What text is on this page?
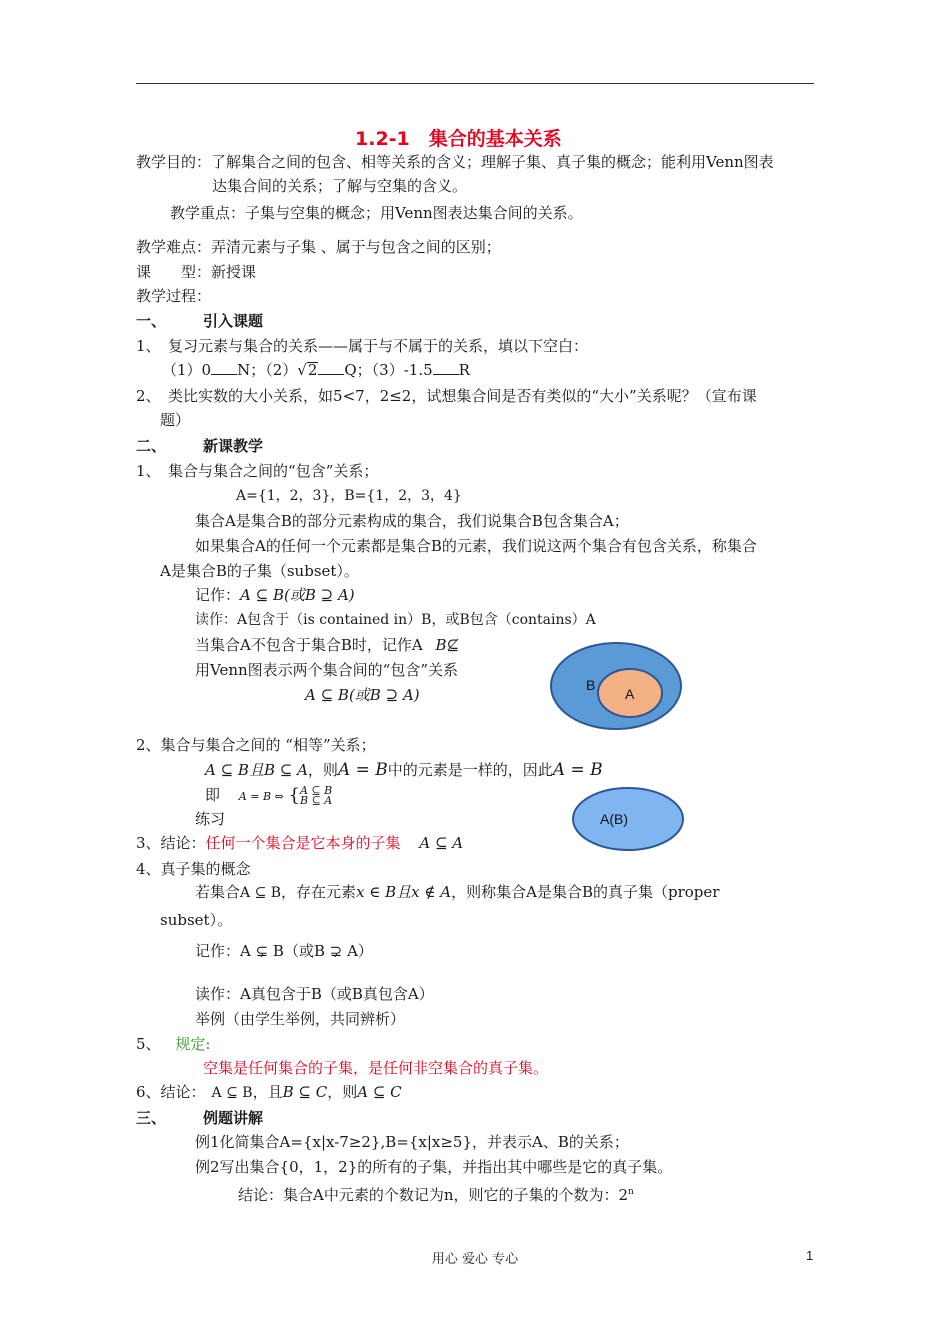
1.2-1　集合的基本关系
教学目的：了解集合之间的包含、相等关系的含义；理解子集、真子集的概念；能利用Venn图表
达集合间的关系；了解与空集的含义。
教学重点：子集与空集的概念；用Venn图表达集合间的关系。
教学难点：弄清元素与子集 、属于与包含之间的区别；
课　　型：新授课
教学过程：
一、 引入课题
1、　复习元素与集合的关系——属于与不属于的关系，填以下空白：
（1）0 N；（2）√2 Q；（3）-1.5 R
2、　类比实数的大小关系，如5<7，2≤2，试想集合间是否有类似的“大小”关系呢？（宣布课
题）
二、 新课教学
1、　集合与集合之间的“包含”关系；
A={1，2，3}，B={1，2，3，4}
集合A是集合B的部分元素构成的集合，我们说集合B包含集合A；
如果集合A的任何一个元素都是集合B的元素，我们说这两个集合有包含关系，称集合
A是集合B的子集（subset）。
记作：A ⊆ B(或B ⊇ A)
读作：A包含于（is contained in）B，或B包含（contains）A
当集合A不包含于集合B时，记作A B⊈
用Venn图表示两个集合间的“包含”关系
A ⊆ B(或B ⊇ A)
B
A
2、集合与集合之间的 “相等”关系；
A ⊆ B且B ⊆ A，则A = B中的元素是一样的，因此A = B
即 A = B ⇔ { A ⊆ B
B ⊆ A
练习	A(B)
3、结论：任何一个集合是它本身的子集 A ⊆ A
4、真子集的概念
若集合A ⊆ B，存在元素x ∈ B且x ∉ A，则称集合A是集合B的真子集（proper
subset）。
记作：A ⊊ B（或B ⊋ A）
读作：A真包含于B（或B真包含A）
举例（由学生举例，共同辨析）
5、 规定:
空集是任何集合的子集，是任何非空集合的真子集。
6、结论： A ⊆ B，且B ⊆ C，则A ⊆ C
三、 例题讲解
例1化简集合A={x|x-7≥2},B={x|x≥5}，并表示A、B的关系；
例2写出集合{0，1，2}的所有的子集，并指出其中哪些是它的真子集。
结论：集合A中元素的个数记为n，则它的子集的个数为：2$^n$
用心 爱心 专心	1
